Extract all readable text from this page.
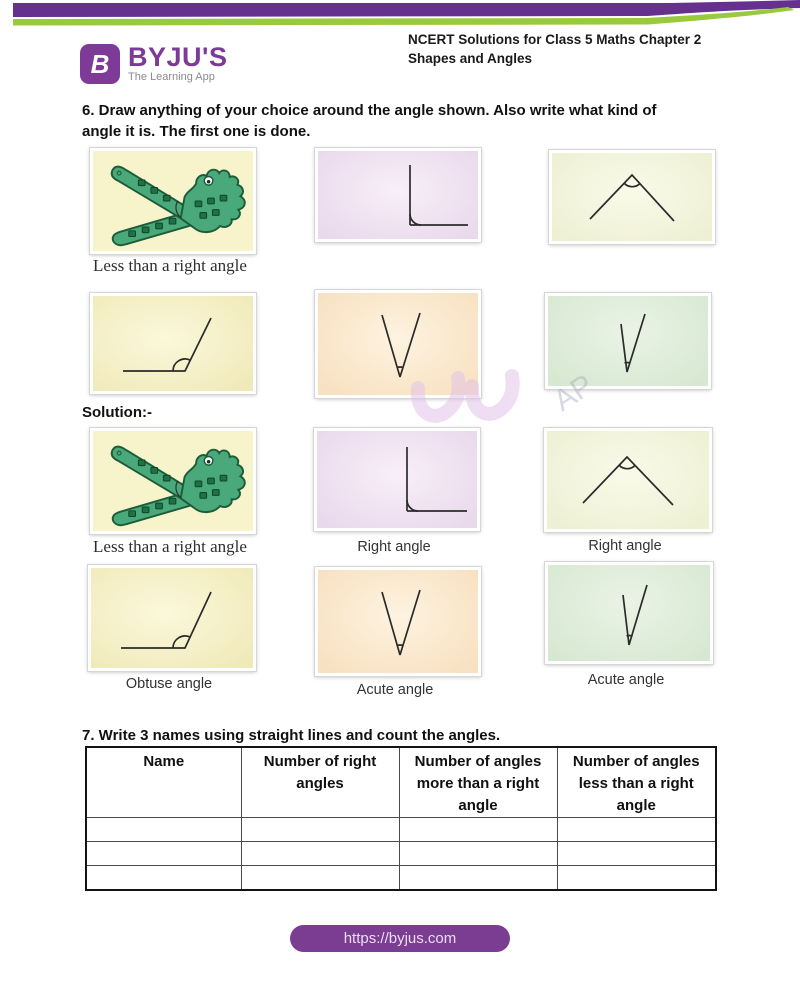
B BYJU'S
The Learning App
NCERT Solutions for Class 5 Maths Chapter 2
Shapes and Angles
6. Draw anything of your choice around the angle shown. Also write what kind of
angle it is. The first one is done.
Less than a right angle
Solution:-
Less than a right angle	Right angle	Right angle
Obtuse angle	Acute angle
Acute angle
7. Write 3 names using straight lines and count the angles.
Name	Number of right angles	Number of angles more than a right angle	Number of angles less than a right angle

AP
https://byjus.com
